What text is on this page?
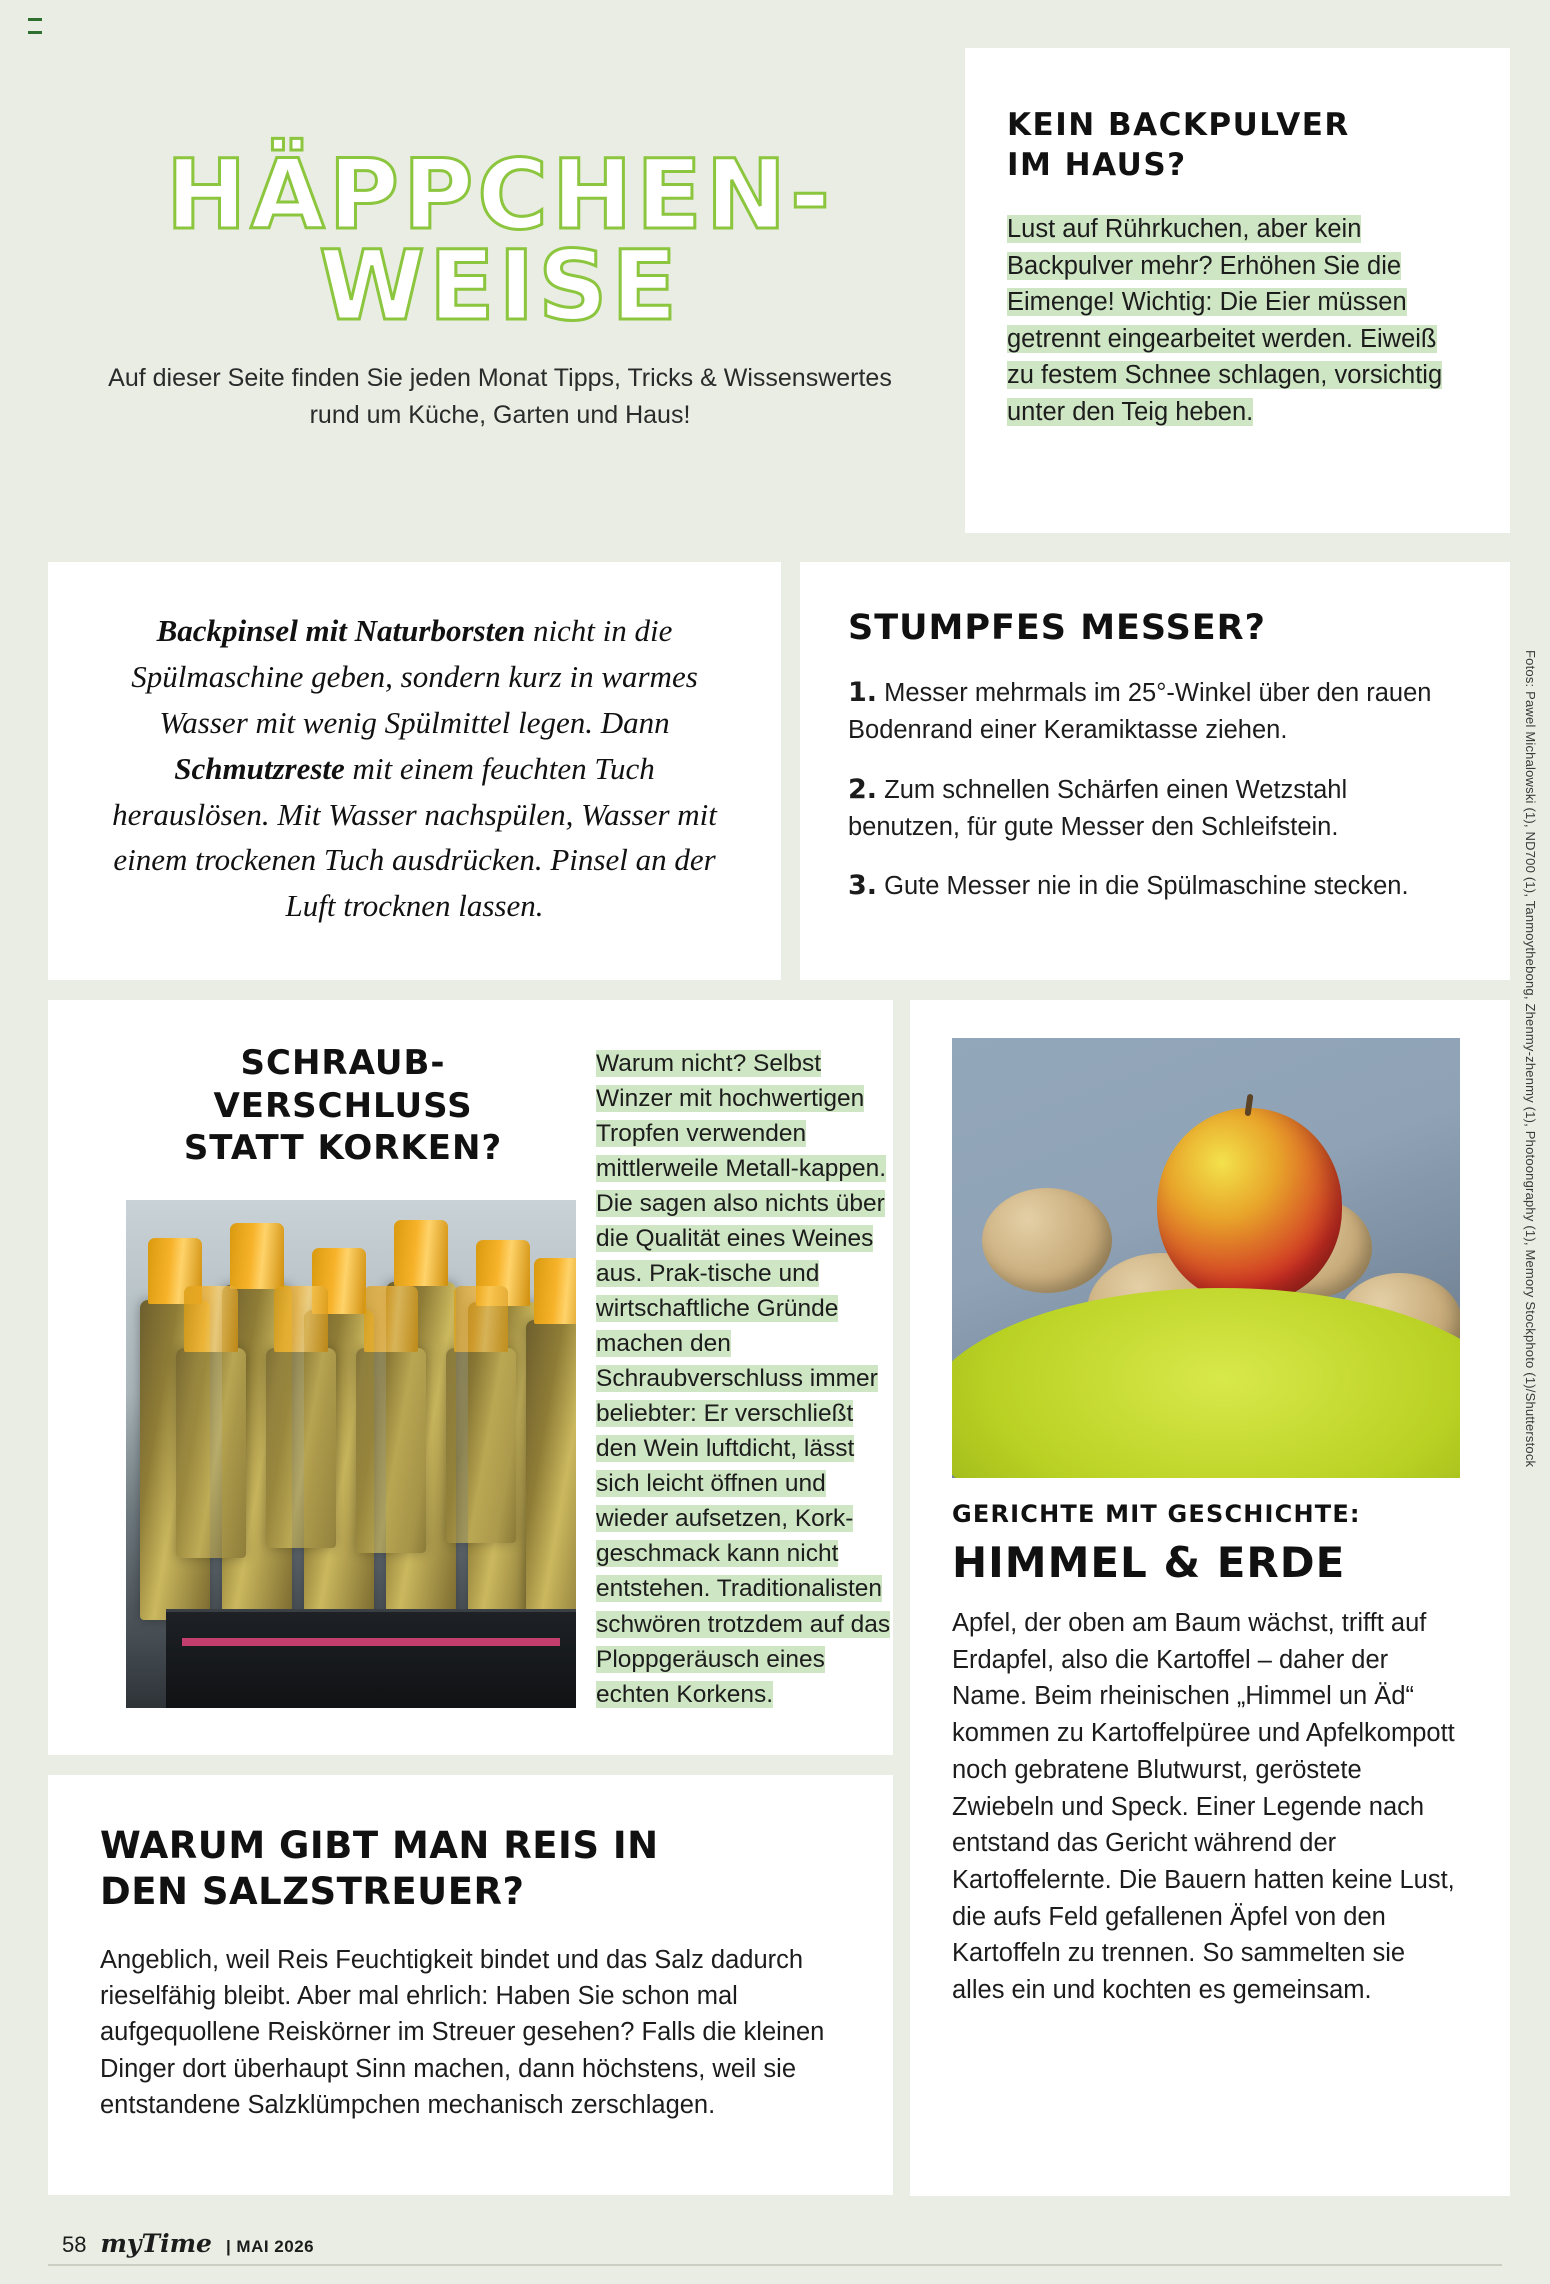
HÄPPCHEN-
WEISE
Auf dieser Seite finden Sie jeden Monat Tipps, Tricks & Wissenswertes rund um Küche, Garten und Haus!
KEIN BACKPULVER
IM HAUS?
Lust auf Rührkuchen, aber kein Backpulver mehr? Erhöhen Sie die Eimenge! Wichtig: Die Eier müssen getrennt eingearbeitet werden. Eiweiß zu festem Schnee schlagen, vorsichtig unter den Teig heben.

Backpinsel mit Naturborsten nicht in die Spülmaschine geben, sondern kurz in warmes Wasser mit wenig Spülmittel legen. Dann Schmutzreste mit einem feuchten Tuch herauslösen. Mit Wasser nachspülen, Wasser mit einem trockenen Tuch ausdrücken. Pinsel an der Luft trocknen lassen.

STUMPFES MESSER?
1. Messer mehrmals im 25°-Winkel über den rauen Bodenrand einer Keramiktasse ziehen.
2. Zum schnellen Schärfen einen Wetzstahl benutzen, für gute Messer den Schleifstein.
3. Gute Messer nie in die Spülmaschine stecken.
SCHRAUB-
VERSCHLUSS
STATT KORKEN?
Warum nicht? Selbst Winzer mit hochwertigen Tropfen verwenden mittlerweile Metall-kappen. Die sagen also nichts über die Qualität eines Weines aus. Prak-tische und wirtschaftliche Gründe machen den Schraubverschluss immer beliebter: Er verschließt den Wein luftdicht, lässt sich leicht öffnen und wieder aufsetzen, Kork-geschmack kann nicht entstehen. Traditionalisten schwören trotzdem auf das Ploppgeräusch eines echten Korkens.
GERICHTE MIT GESCHICHTE:
HIMMEL & ERDE
Apfel, der oben am Baum wächst, trifft auf Erdapfel, also die Kartoffel – daher der Name. Beim rheinischen „Himmel un Äd“ kommen zu Kartoffelpüree und Apfelkompott noch gebratene Blutwurst, geröstete Zwiebeln und Speck. Einer Legende nach entstand das Gericht während der Kartoffelernte. Die Bauern hatten keine Lust, die aufs Feld gefallenen Äpfel von den Kartoffeln zu trennen. So sammelten sie alles ein und kochten es gemeinsam.
Fotos: Pawel Michalowski (1), ND700 (1), Tanmoythebong, Zhenmy-zhenmy (1), Photoongraphy (1), Memory Stockphoto (1)/Shutterstock
WARUM GIBT MAN REIS IN
DEN SALZSTREUER?
Angeblich, weil Reis Feuchtigkeit bindet und das Salz dadurch rieselfähig bleibt. Aber mal ehrlich: Haben Sie schon mal aufgequollene Reiskörner im Streuer gesehen? Falls die kleinen Dinger dort überhaupt Sinn machen, dann höchstens, weil sie entstandene Salzklümpchen mechanisch zerschlagen.
58 myTime | MAI 2026
